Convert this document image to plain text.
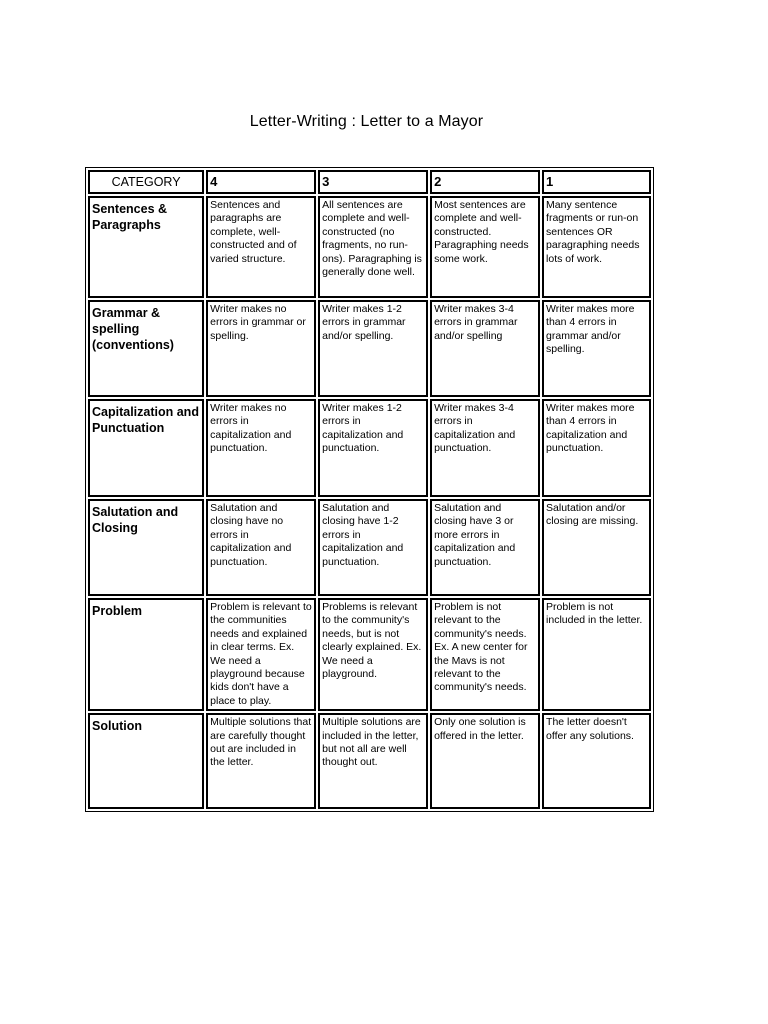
Letter-Writing : Letter to a Mayor
CATEGORY	4	3	2	1
Sentences & Paragraphs	Sentences and paragraphs are complete, well-constructed and of varied structure.	All sentences are complete and well-constructed (no fragments, no run-ons). Paragraphing is generally done well.	Most sentences are complete and well-constructed. Paragraphing needs some work.	Many sentence fragments or run-on sentences OR paragraphing needs lots of work.
Grammar & spelling (conventions)	Writer makes no errors in grammar or spelling.	Writer makes 1-2 errors in grammar and/or spelling.	Writer makes 3-4 errors in grammar and/or spelling	Writer makes more than 4 errors in grammar and/or spelling.
Capitalization and Punctuation	Writer makes no errors in capitalization and punctuation.	Writer makes 1-2 errors in capitalization and punctuation.	Writer makes 3-4 errors in capitalization and punctuation.	Writer makes more than 4 errors in capitalization and punctuation.
Salutation and Closing	Salutation and closing have no errors in capitalization and punctuation.	Salutation and closing have 1-2 errors in capitalization and punctuation.	Salutation and closing have 3 or more errors in capitalization and punctuation.	Salutation and/or closing are missing.
Problem	Problem is relevant to the communities needs and explained in clear terms. Ex. We need a playground because kids don't have a place to play.	Problems is relevant to the community's needs, but is not clearly explained. Ex. We need a playground.	Problem is not relevant to the community's needs. Ex. A new center for the Mavs is not relevant to the community's needs.	Problem is not included in the letter.
Solution	Multiple solutions that are carefully thought out are included in the letter.	Multiple solutions are included in the letter, but not all are well thought out.	Only one solution is offered in the letter.	The letter doesn't offer any solutions.
